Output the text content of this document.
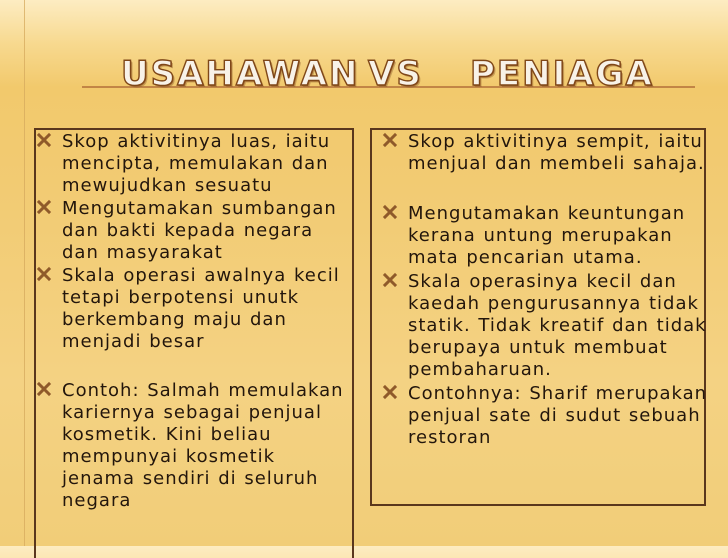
USAHAWAN VS PENIAGA
Skop aktivitinya luas, iaitu mencipta, memulakan dan mewujudkan sesuatu
Mengutamakan sumbangan dan bakti kepada negara dan masyarakat
Skala operasi awalnya kecil tetapi berpotensi unutk berkembang maju dan menjadi besar
Contoh: Salmah memulakan kariernya sebagai penjual kosmetik. Kini beliau mempunyai kosmetik jenama sendiri di seluruh negara
Skop aktivitinya sempit, iaitu menjual dan membeli sahaja.
Mengutamakan keuntungan kerana untung merupakan mata pencarian utama.
Skala operasinya kecil dan kaedah pengurusannya tidak statik. Tidak kreatif dan tidak berupaya untuk membuat pembaharuan.
Contohnya: Sharif merupakan penjual sate di sudut sebuah restoran
